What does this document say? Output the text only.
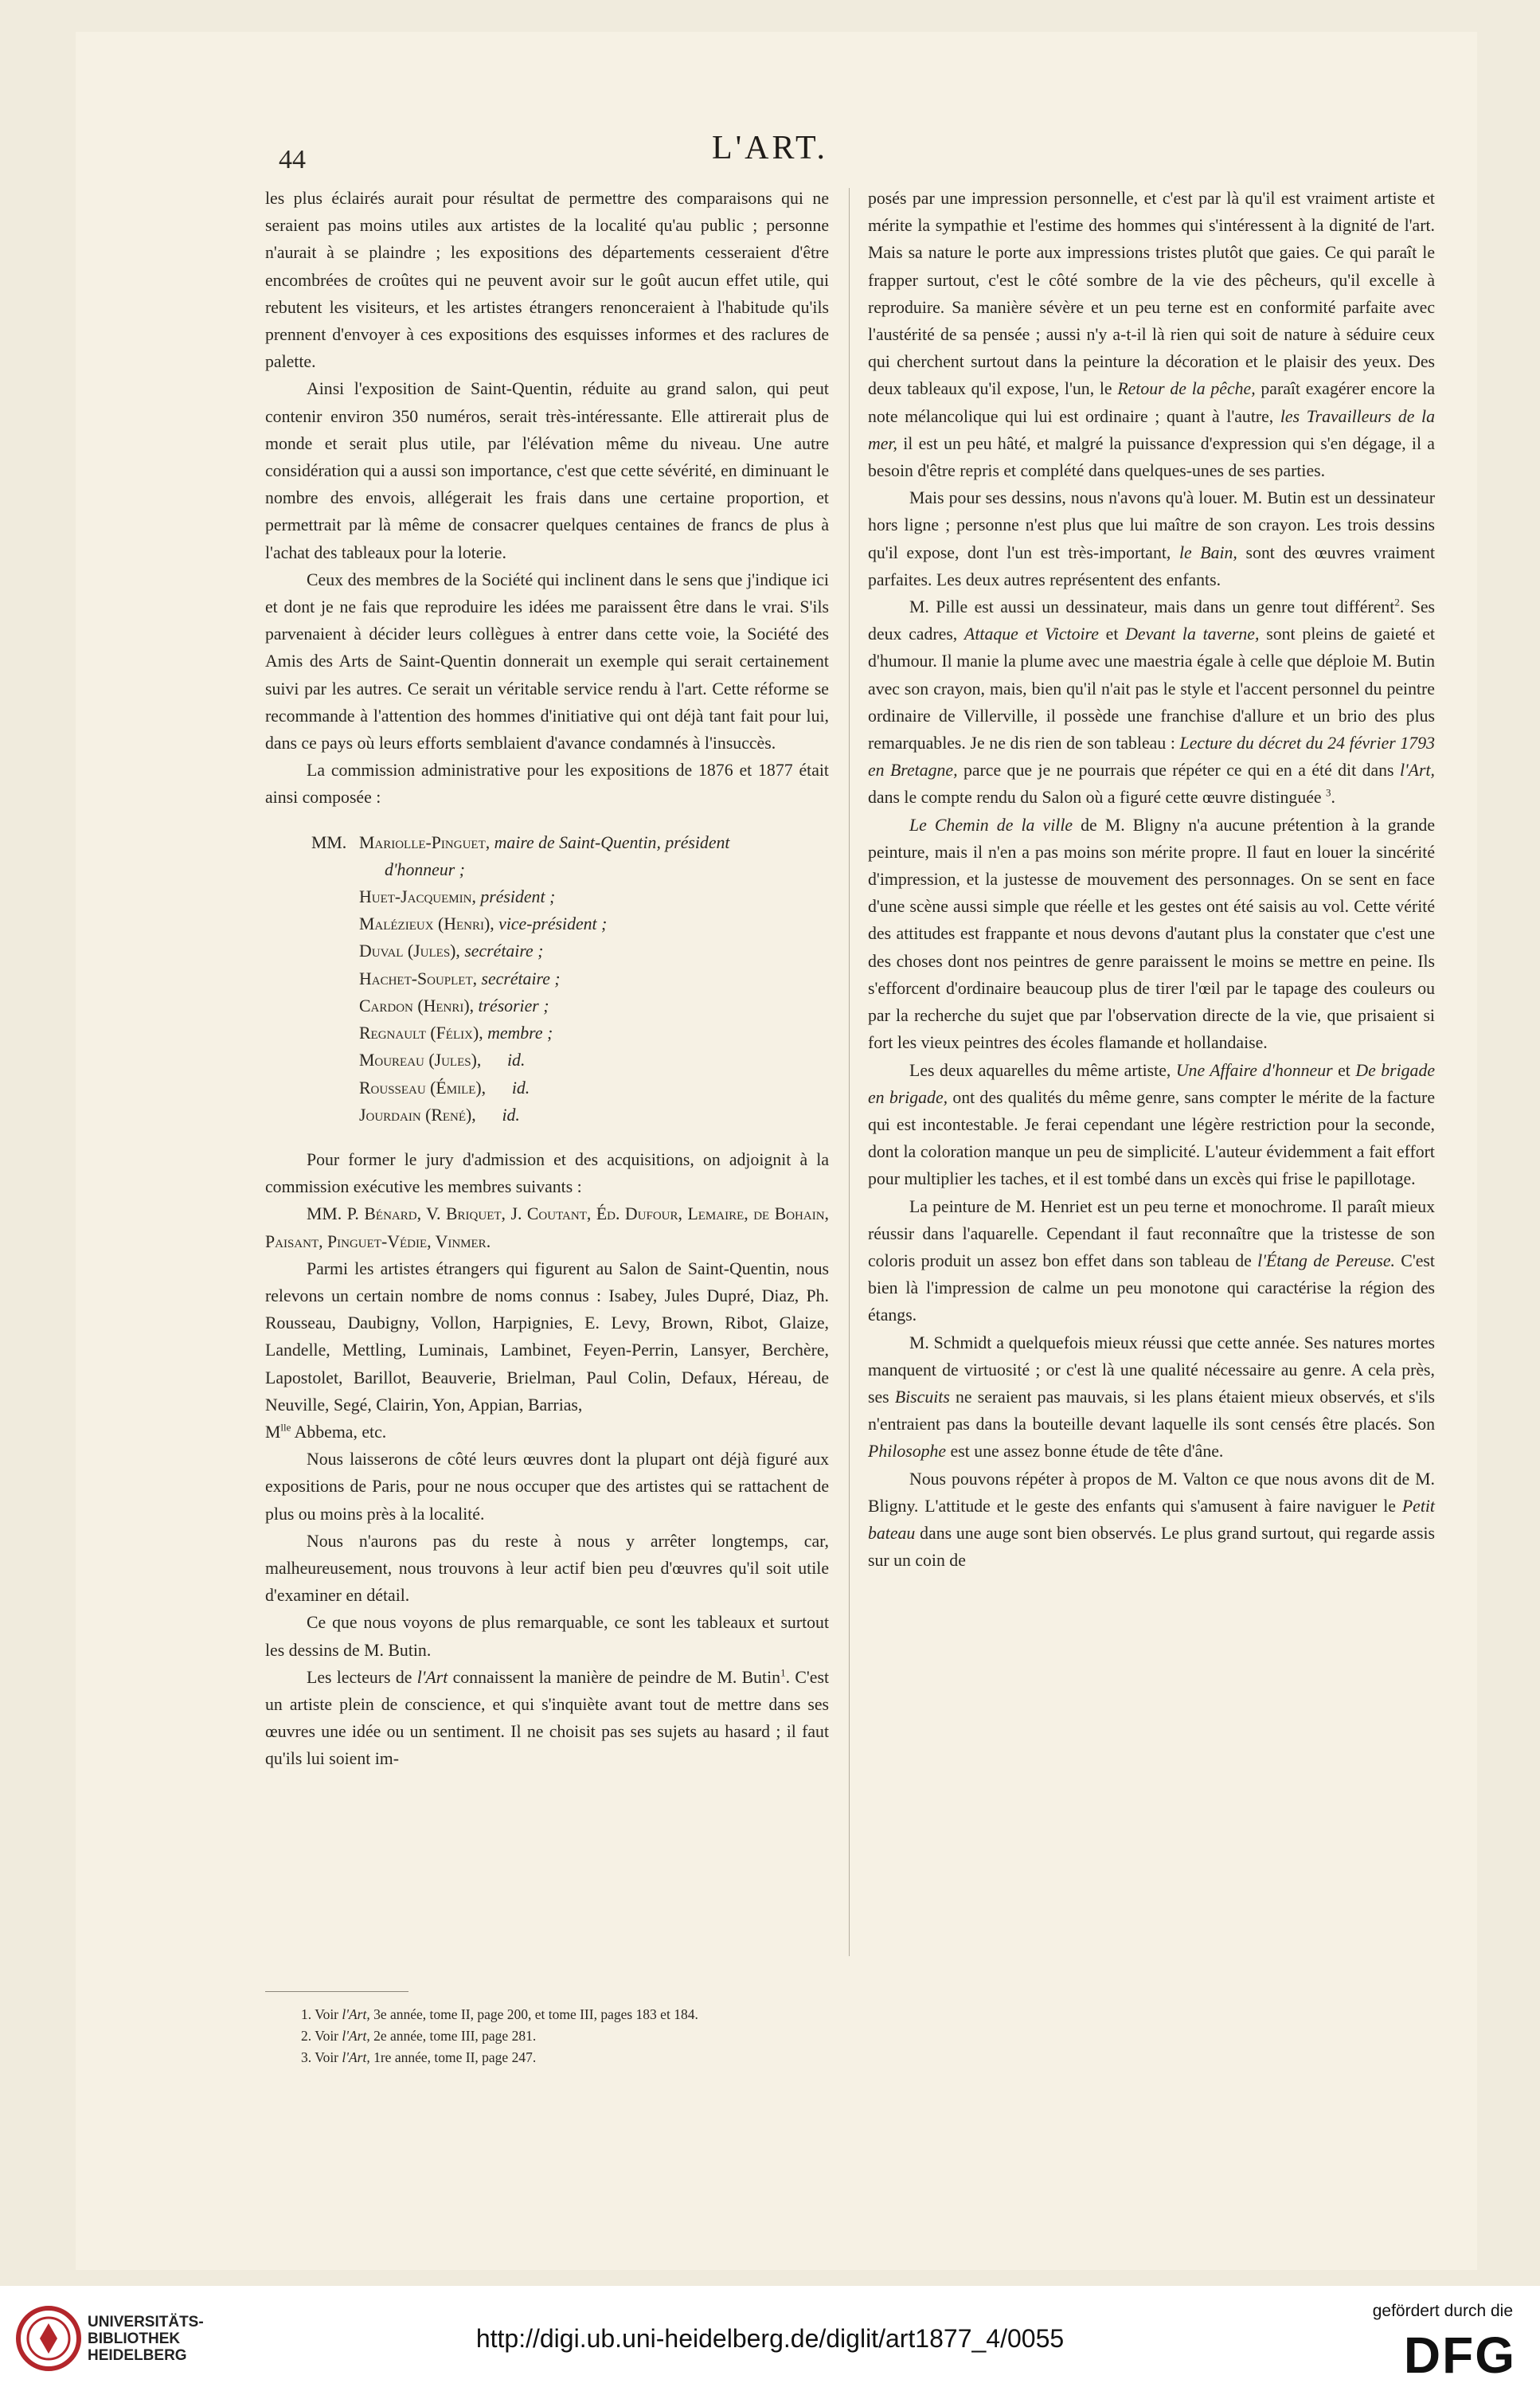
44	L'ART.

les plus éclairés aurait pour résultat de permettre des comparaisons qui ne seraient pas moins utiles aux artistes de la localité qu'au public ; personne n'aurait à se plaindre ; les expositions des départements cesseraient d'être encombrées de croûtes qui ne peuvent avoir sur le goût aucun effet utile, qui rebutent les visiteurs, et les artistes étrangers renonceraient à l'habitude qu'ils prennent d'envoyer à ces expositions des esquisses informes et des raclures de palette.

Ainsi l'exposition de Saint-Quentin, réduite au grand salon, qui peut contenir environ 350 numéros, serait très-intéressante. Elle attirerait plus de monde et serait plus utile, par l'élévation même du niveau. Une autre considération qui a aussi son importance, c'est que cette sévérité, en diminuant le nombre des envois, allégerait les frais dans une certaine proportion, et permettrait par là même de consacrer quelques centaines de francs de plus à l'achat des tableaux pour la loterie.

Ceux des membres de la Société qui inclinent dans le sens que j'indique ici et dont je ne fais que reproduire les idées me paraissent être dans le vrai. S'ils parvenaient à décider leurs collègues à entrer dans cette voie, la Société des Amis des Arts de Saint-Quentin donnerait un exemple qui serait certainement suivi par les autres. Ce serait un véritable service rendu à l'art. Cette réforme se recommande à l'attention des hommes d'initiative qui ont déjà tant fait pour lui, dans ce pays où leurs efforts semblaient d'avance condamnés à l'insuccès.

La commission administrative pour les expositions de 1876 et 1877 était ainsi composée :

MM. Mariolle-Pinguet, maire de Saint-Quentin, président
d'honneur ;
Huet-Jacquemin, président ;
Malézieux (Henri), vice-président ;
Duval (Jules), secrétaire ;
Hachet-Souplet, secrétaire ;
Cardon (Henri), trésorier ;
Regnault (Félix), membre ;
Moureau (Jules), id.
Rousseau (Émile), id.
Jourdain (René), id.

Pour former le jury d'admission et des acquisitions, on adjoignit à la commission exécutive les membres suivants :

MM. P. Bénard, V. Briquet, J. Coutant, Éd. Dufour, Lemaire, de Bohain, Paisant, Pinguet-Védie, Vinmer.

Parmi les artistes étrangers qui figurent au Salon de Saint-Quentin, nous relevons un certain nombre de noms connus : Isabey, Jules Dupré, Diaz, Ph. Rousseau, Daubigny, Vollon, Harpignies, E. Levy, Brown, Ribot, Glaize, Landelle, Mettling, Luminais, Lambinet, Feyen-Perrin, Lansyer, Berchère, Lapostolet, Barillot, Beauverie, Brielman, Paul Colin, Defaux, Héreau, de Neuville, Segé, Clairin, Yon, Appian, Barrias,
$M^{lle}$ Abbema, etc.

Nous laisserons de côté leurs œuvres dont la plupart ont déjà figuré aux expositions de Paris, pour ne nous occuper que des artistes qui se rattachent de plus ou moins près à la localité.

Nous n'aurons pas du reste à nous y arrêter longtemps, car, malheureusement, nous trouvons à leur actif bien peu d'œuvres qu'il soit utile d'examiner en détail.

Ce que nous voyons de plus remarquable, ce sont les tableaux et surtout les dessins de M. Butin.

Les lecteurs de l'Art connaissent la manière de peindre de M. Butin$^1$. C'est un artiste plein de conscience, et qui s'inquiète avant tout de mettre dans ses œuvres une idée ou un sentiment. Il ne choisit pas ses sujets au hasard ; il faut qu'ils lui soient im-

posés par une impression personnelle, et c'est par là qu'il est vraiment artiste et mérite la sympathie et l'estime des hommes qui s'intéressent à la dignité de l'art. Mais sa nature le porte aux impressions tristes plutôt que gaies. Ce qui paraît le frapper surtout, c'est le côté sombre de la vie des pêcheurs, qu'il excelle à reproduire. Sa manière sévère et un peu terne est en conformité parfaite avec l'austérité de sa pensée ; aussi n'y a-t-il là rien qui soit de nature à séduire ceux qui cherchent surtout dans la peinture la décoration et le plaisir des yeux. Des deux tableaux qu'il expose, l'un, le Retour de la pêche, paraît exagérer encore la note mélancolique qui lui est ordinaire ; quant à l'autre, les Travailleurs de la mer, il est un peu hâté, et malgré la puissance d'expression qui s'en dégage, il a besoin d'être repris et complété dans quelques-unes de ses parties.

Mais pour ses dessins, nous n'avons qu'à louer. M. Butin est un dessinateur hors ligne ; personne n'est plus que lui maître de son crayon. Les trois dessins qu'il expose, dont l'un est très-important, le Bain, sont des œuvres vraiment parfaites. Les deux autres représentent des enfants.

M. Pille est aussi un dessinateur, mais dans un genre tout différent$^2$. Ses deux cadres, Attaque et Victoire et Devant la taverne, sont pleins de gaieté et d'humour. Il manie la plume avec une maestria égale à celle que déploie M. Butin avec son crayon, mais, bien qu'il n'ait pas le style et l'accent personnel du peintre ordinaire de Villerville, il possède une franchise d'allure et un brio des plus remarquables. Je ne dis rien de son tableau : Lecture du décret du 24 février 1793 en Bretagne, parce que je ne pourrais que répéter ce qui en a été dit dans l'Art, dans le compte rendu du Salon où a figuré cette œuvre distinguée $^3$.

Le Chemin de la ville de M. Bligny n'a aucune prétention à la grande peinture, mais il n'en a pas moins son mérite propre. Il faut en louer la sincérité d'impression, et la justesse de mouvement des personnages. On se sent en face d'une scène aussi simple que réelle et les gestes ont été saisis au vol. Cette vérité des attitudes est frappante et nous devons d'autant plus la constater que c'est une des choses dont nos peintres de genre paraissent le moins se mettre en peine. Ils s'efforcent d'ordinaire beaucoup plus de tirer l'œil par le tapage des couleurs ou par la recherche du sujet que par l'observation directe de la vie, que prisaient si fort les vieux peintres des écoles flamande et hollandaise.

Les deux aquarelles du même artiste, Une Affaire d'honneur et De brigade en brigade, ont des qualités du même genre, sans compter le mérite de la facture qui est incontestable. Je ferai cependant une légère restriction pour la seconde, dont la coloration manque un peu de simplicité. L'auteur évidemment a fait effort pour multiplier les taches, et il est tombé dans un excès qui frise le papillotage.

La peinture de M. Henriet est un peu terne et monochrome. Il paraît mieux réussir dans l'aquarelle. Cependant il faut reconnaître que la tristesse de son coloris produit un assez bon effet dans son tableau de l'Étang de Pereuse. C'est bien là l'impression de calme un peu monotone qui caractérise la région des étangs.

M. Schmidt a quelquefois mieux réussi que cette année. Ses natures mortes manquent de virtuosité ; or c'est là une qualité nécessaire au genre. A cela près, ses Biscuits ne seraient pas mauvais, si les plans étaient mieux observés, et s'ils n'entraient pas dans la bouteille devant laquelle ils sont censés être placés. Son Philosophe est une assez bonne étude de tête d'âne.

Nous pouvons répéter à propos de M. Valton ce que nous avons dit de M. Bligny. L'attitude et le geste des enfants qui s'amusent à faire naviguer le Petit bateau dans une auge sont bien observés. Le plus grand surtout, qui regarde assis sur un coin de

1. Voir l'Art, 3e année, tome II, page 200, et tome III, pages 183 et 184.
2. Voir l'Art, 2e année, tome III, page 281.
3. Voir l'Art, 1re année, tome II, page 247.
UNIVERSITÄTS-
BIBLIOTHEK
HEIDELBERG
http://digi.ub.uni-heidelberg.de/diglit/art1877_4/0055
gefördert durch die
DFG
